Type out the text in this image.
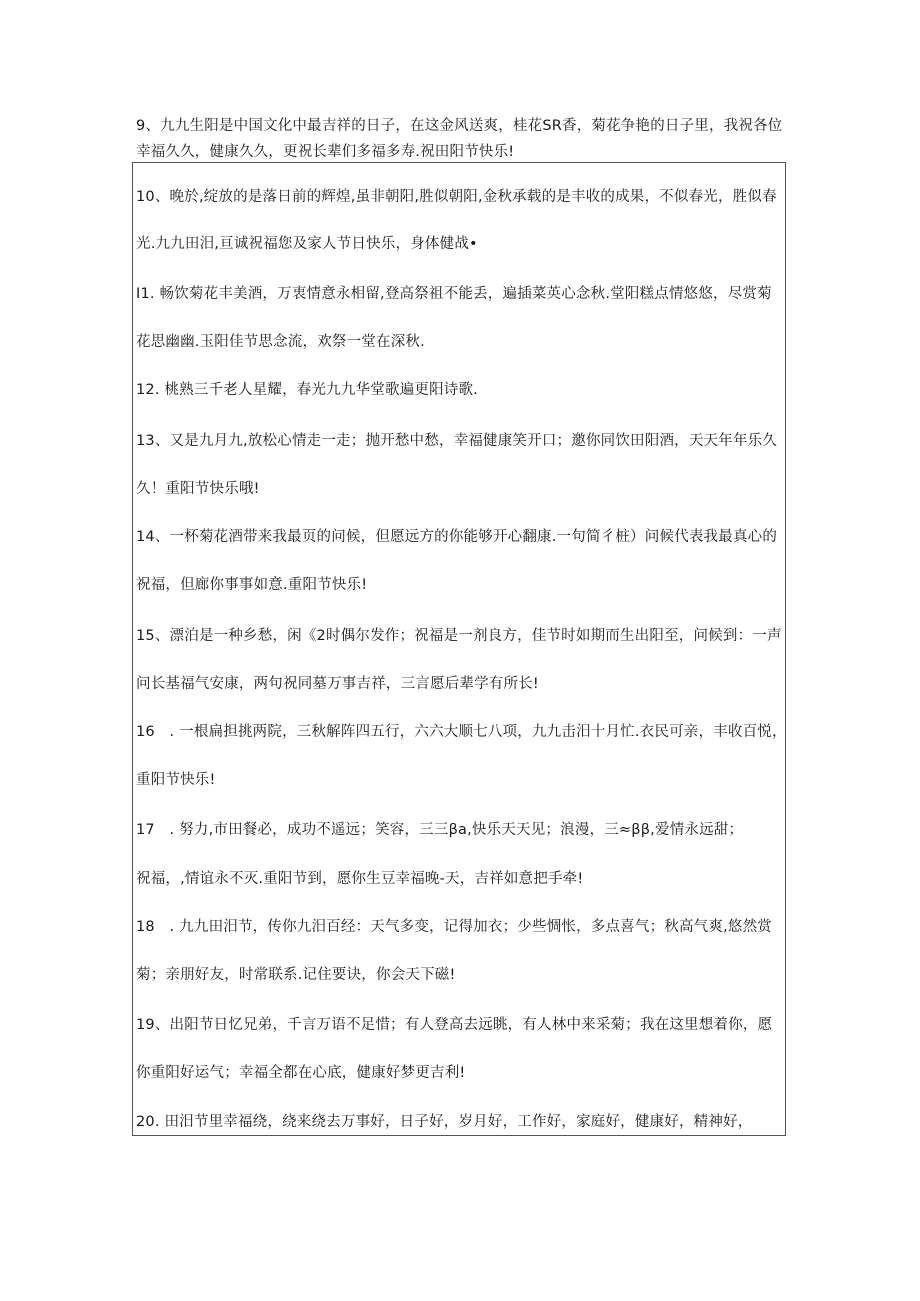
9、九九生阳是中国文化中最吉祥的日子，在这金风送爽，桂花SR香，菊花争艳的日子里，我祝各位
幸福久久，健康久久，更祝长辈们多福多寿.祝田阳节快乐!
10、晚於,绽放的是落日前的辉煌,虽非朝阳,胜似朝阳,金秋承载的是丰收的成果，不似春光，胜似春
光.九九田汨,亘诚祝福您及家人节日快乐，身体健战•
I1. 畅饮菊花丰美酒，万衷情意永相留,登高祭祖不能丢，遍插菜英心念秋.堂阳糕点情悠悠，尽赏菊
花思幽幽.玉阳佳节思念流，欢祭一堂在深秋.
12. 桃熟三千老人星耀，春光九九华堂歌遍更阳诗歌.
13、又是九月九,放松心情走一走；抛开愁中愁，幸福健康笑开口；邀你同饮田阳酒，天天年年乐久
久！重阳节快乐哦!
14、一杯菊花酒带来我最页的问候，但愿远方的你能够开心翻康.一句简彳桩）问候代表我最真心的
祝福，但廊你事事如意.重阳节快乐!
15、漂泊是一种乡愁，闲《2时偶尔发作；祝福是一剂良方，佳节时如期而生出阳至，问候到：一声
问长基福气安康，两句祝同墓万事吉祥，三言愿后辈学有所长!
16　. 一根扁担挑两院，三秋解阵四五行，六六大顺七八项，九九击汨十月忙.衣民可亲，丰收百悦，
重阳节快乐!
17　. 努力,市田餐必，成功不遥远；笑容，三三βa,快乐天天见；浪漫，三≈ββ,爱情永远甜；
祝福，,情谊永不灭.重阳节到，愿你生豆幸福晚-天，吉祥如意把手牵!
18　. 九九田汨节，传你九汨百经：天气多变，记得加衣；少些惆怅，多点喜气；秋高气爽,悠然赏
菊；亲朋好友，时常联系.记住要诀，你会天下磁!
19、出阳节日忆兄弟，千言万语不足惜；有人登高去远眺，有人林中来采菊；我在这里想着你，愿
你重阳好运气；幸福全都在心底，健康好梦更吉利!
20. 田汨节里幸福绕，绕来绕去万事好，日子好，岁月好，工作好，家庭好，健康好，精神好，
